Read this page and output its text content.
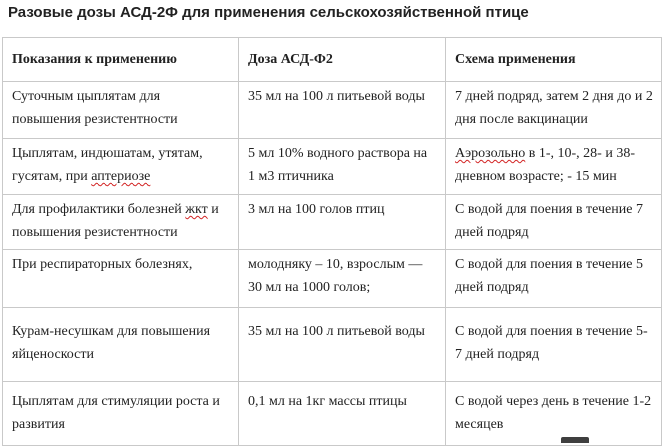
Разовые дозы АСД-2Ф для применения сельскохозяйственной птице
Показания к применению	Доза АСД-Ф2	Схема применения
Суточным цыплятам для повышения резистентности	35 мл на 100 л питьевой воды	7 дней подряд, затем 2 дня до и 2 дня после вакцинации
Цыплятам, индюшатам, утятам, гусятам, при аптериозе	5 мл 10% водного раствора на 1 м3 птичника	Аэрозольно в 1-, 10-, 28- и 38-дневном возрасте; - 15 мин
Для профилактики болезней жкт и повышения резистентности	3 мл на 100 голов птиц	С водой для поения в течение 7 дней подряд
При респираторных болезнях,	молодняку – 10, взрослым — 30 мл на 1000 голов;	С водой для поения в течение 5 дней подряд
Курам-несушкам для повышения яйценоскости	35 мл на 100 л питьевой воды	С водой для поения в течение 5-7 дней подряд
Цыплятам для стимуляции роста и развития	0,1 мл на 1кг массы птицы	С водой через день в течение 1-2 месяцев
